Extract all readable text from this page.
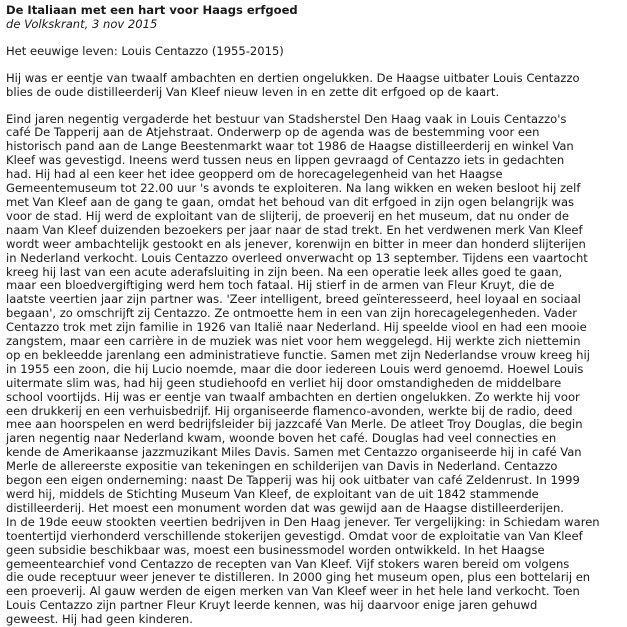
De Italiaan met een hart voor Haags erfgoed
de Volkskrant, 3 nov 2015
Het eeuwige leven: Louis Centazzo (1955-2015)
Hij was er eentje van twaalf ambachten en dertien ongelukken. De Haagse uitbater Louis Centazzo
blies de oude distilleerderij Van Kleef nieuw leven in en zette dit erfgoed op de kaart.
Eind jaren negentig vergaderde het bestuur van Stadsherstel Den Haag vaak in Louis Centazzo's
café De Tapperij aan de Atjehstraat. Onderwerp op de agenda was de bestemming voor een
historisch pand aan de Lange Beestenmarkt waar tot 1986 de Haagse distilleerderij en winkel Van
Kleef was gevestigd. Ineens werd tussen neus en lippen gevraagd of Centazzo iets in gedachten
had. Hij had al een keer het idee geopperd om de horecagelegenheid van het Haagse
Gemeentemuseum tot 22.00 uur 's avonds te exploiteren. Na lang wikken en weken besloot hij zelf
met Van Kleef aan de gang te gaan, omdat het behoud van dit erfgoed in zijn ogen belangrijk was
voor de stad. Hij werd de exploitant van de slijterij, de proeverij en het museum, dat nu onder de
naam Van Kleef duizenden bezoekers per jaar naar de stad trekt. En het verdwenen merk Van Kleef
wordt weer ambachtelijk gestookt en als jenever, korenwijn en bitter in meer dan honderd slijterijen
in Nederland verkocht. Louis Centazzo overleed onverwacht op 13 september. Tijdens een vaartocht
kreeg hij last van een acute aderafsluiting in zijn been. Na een operatie leek alles goed te gaan,
maar een bloedvergiftiging werd hem toch fataal. Hij stierf in de armen van Fleur Kruyt, die de
laatste veertien jaar zijn partner was. 'Zeer intelligent, breed geïnteresseerd, heel loyaal en sociaal
begaan', zo omschrijft zij Centazzo. Ze ontmoette hem in een van zijn horecagelegenheden. Vader
Centazzo trok met zijn familie in 1926 van Italië naar Nederland. Hij speelde viool en had een mooie
zangstem, maar een carrière in de muziek was niet voor hem weggelegd. Hij werkte zich niettemin
op en bekleedde jarenlang een administratieve functie. Samen met zijn Nederlandse vrouw kreeg hij
in 1955 een zoon, die hij Lucio noemde, maar die door iedereen Louis werd genoemd. Hoewel Louis
uitermate slim was, had hij geen studiehoofd en verliet hij door omstandigheden de middelbare
school voortijds. Hij was er eentje van twaalf ambachten en dertien ongelukken. Zo werkte hij voor
een drukkerij en een verhuisbedrijf. Hij organiseerde flamenco-avonden, werkte bij de radio, deed
mee aan hoorspelen en werd bedrijfsleider bij jazzcafé Van Merle. De atleet Troy Douglas, die begin
jaren negentig naar Nederland kwam, woonde boven het café. Douglas had veel connecties en
kende de Amerikaanse jazzmuzikant Miles Davis. Samen met Centazzo organiseerde hij in café Van
Merle de allereerste expositie van tekeningen en schilderijen van Davis in Nederland. Centazzo
begon een eigen onderneming: naast De Tapperij was hij ook uitbater van café Zeldenrust. In 1999
werd hij, middels de Stichting Museum Van Kleef, de exploitant van de uit 1842 stammende
distilleerderij. Het moest een monument worden dat was gewijd aan de Haagse distilleerderijen.
In de 19de eeuw stookten veertien bedrijven in Den Haag jenever. Ter vergelijking: in Schiedam waren
toentertijd vierhonderd verschillende stokerijen gevestigd. Omdat voor de exploitatie van Van Kleef
geen subsidie beschikbaar was, moest een businessmodel worden ontwikkeld. In het Haagse
gemeentearchief vond Centazzo de recepten van Van Kleef. Vijf stokers waren bereid om volgens
die oude receptuur weer jenever te distilleren. In 2000 ging het museum open, plus een bottelarij en
een proeverij. Al gauw werden de eigen merken van Van Kleef weer in het hele land verkocht. Toen
Louis Centazzo zijn partner Fleur Kruyt leerde kennen, was hij daarvoor enige jaren gehuwd
geweest. Hij had geen kinderen.
